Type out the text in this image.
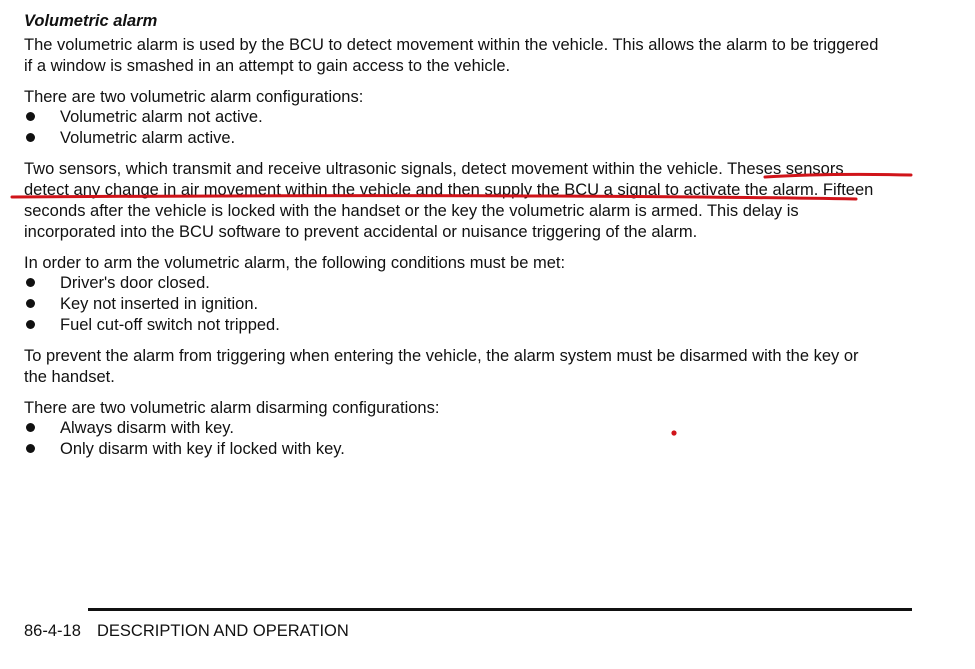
Volumetric alarm
The volumetric alarm is used by the BCU to detect movement within the vehicle. This allows the alarm to be triggered
if a window is smashed in an attempt to gain access to the vehicle.
There are two volumetric alarm configurations:
Volumetric alarm not active.
Volumetric alarm active.
Two sensors, which transmit and receive ultrasonic signals, detect movement within the vehicle. Theses sensors
detect any change in air movement within the vehicle and then supply the BCU a signal to activate the alarm. Fifteen
seconds after the vehicle is locked with the handset or the key the volumetric alarm is armed. This delay is
incorporated into the BCU software to prevent accidental or nuisance triggering of the alarm.
In order to arm the volumetric alarm, the following conditions must be met:
Driver's door closed.
Key not inserted in ignition.
Fuel cut-off switch not tripped.
To prevent the alarm from triggering when entering the vehicle, the alarm system must be disarmed with the key or
the handset.
There are two volumetric alarm disarming configurations:
Always disarm with key.
Only disarm with key if locked with key.
86-4-18 DESCRIPTION AND OPERATION
